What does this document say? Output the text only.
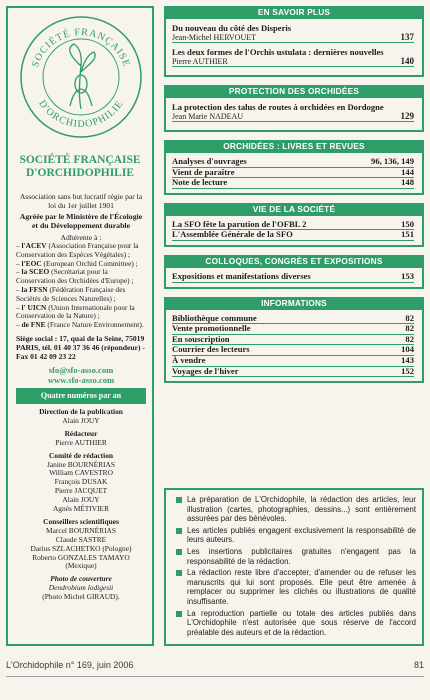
SOCIÉTÉ FRANÇAISE
D'ORCHIDOPHILIE
SOCIÉTÉ FRANÇAISE
D'ORCHIDOPHILIE
Association sans but lucratif régie par la loi du 1er juillet 1901
Agréée par le Ministère de l'Écologie et du Développement durable
Adhérente à :
– l'ACEV (Association Française pour la Conservation des Espèces Végétales) ;
– l'EOC (European Orchid Committee) ;
– la SCEO (Secrétariat pour la Conservation des Orchidées d'Europe) ;
– la FFSN (Fédération Française des Sociétés de Sciences Naturelles) ;
– l' UICN (Union Internationale pour la Conservation de la Nature) ;
– de FNE (France Nature Environnement).
Siège social : 17, quai de la Seine, 75019 PARIS, tél. 01 40 37 36 46 (répondeur) - Fax 01 42 09 23 22
sfo@sfo-asso.com
www.sfo-asso.com
Quatre numéros par an
Direction de la publication
Alain JOUY
Rédacteur
Pierre AUTHIER
Comité de rédaction
Janine BOURNÉRIAS
William CAVESTRO
François DUSAK
Pierre JACQUET
Alain JOUY
Agnès MÉTIVIER
Conseillers scientifiques
Marcel BOURNÉRIAS
Claude SASTRE
Darius SZLACHETKO (Pologne)
Roberto GONZALES TAMAYO (Mexique)
Photo de couverture
Dendrobium lodigesii
(Photo Michel GIRAUD).
EN SAVOIR PLUS
Du nouveau du côté des Disperis
Jean-Michel HERVOUET	137
Les deux formes de l'Orchis ustulata : dernières nouvelles
Pierre AUTHIER	140
PROTECTION DES ORCHIDÉES
La protection des talus de routes à orchidées en Dordogne
Jean Marie NADEAU	129
ORCHIDÉES : LIVRES ET REVUES
Analyses d'ouvrages	96, 136, 149
Vient de paraître	144
Note de lecture	148
VIE DE LA SOCIÉTÉ
La SFO fête la parution de l'OFBL 2	150
L'Assemblée Générale de la SFO	151
COLLOQUES, CONGRÈS ET EXPOSITIONS
Expositions et manifestations diverses	153
INFORMATIONS
Bibliothèque commune	82
Vente promotionnelle	82
En souscription	82
Courrier des lecteurs	104
À vendre	143
Voyages de l'hiver	152

La préparation de L'Orchidophile, la rédaction des articles, leur illustration (cartes, photographies, dessins...) sont entièrement assurées par des bénévoles.

Les articles publiés engagent exclusivement la responsabilité de leurs auteurs.

Les insertions publicitaires gratuites n'engagent pas la responsabilité de la rédaction.

La rédaction reste libre d'accepter, d'amender ou de refuser les manuscrits qui lui sont proposés. Elle peut être amenée à remplacer ou supprimer les clichés ou illustrations de qualité insuffisante.

La reproduction partielle ou totale des articles publiés dans L'Orchidophile n'est autorisée que sous réserve de l'accord préalable des auteurs et de la rédaction.

L'Orchidophile n° 169, juin 2006	81
